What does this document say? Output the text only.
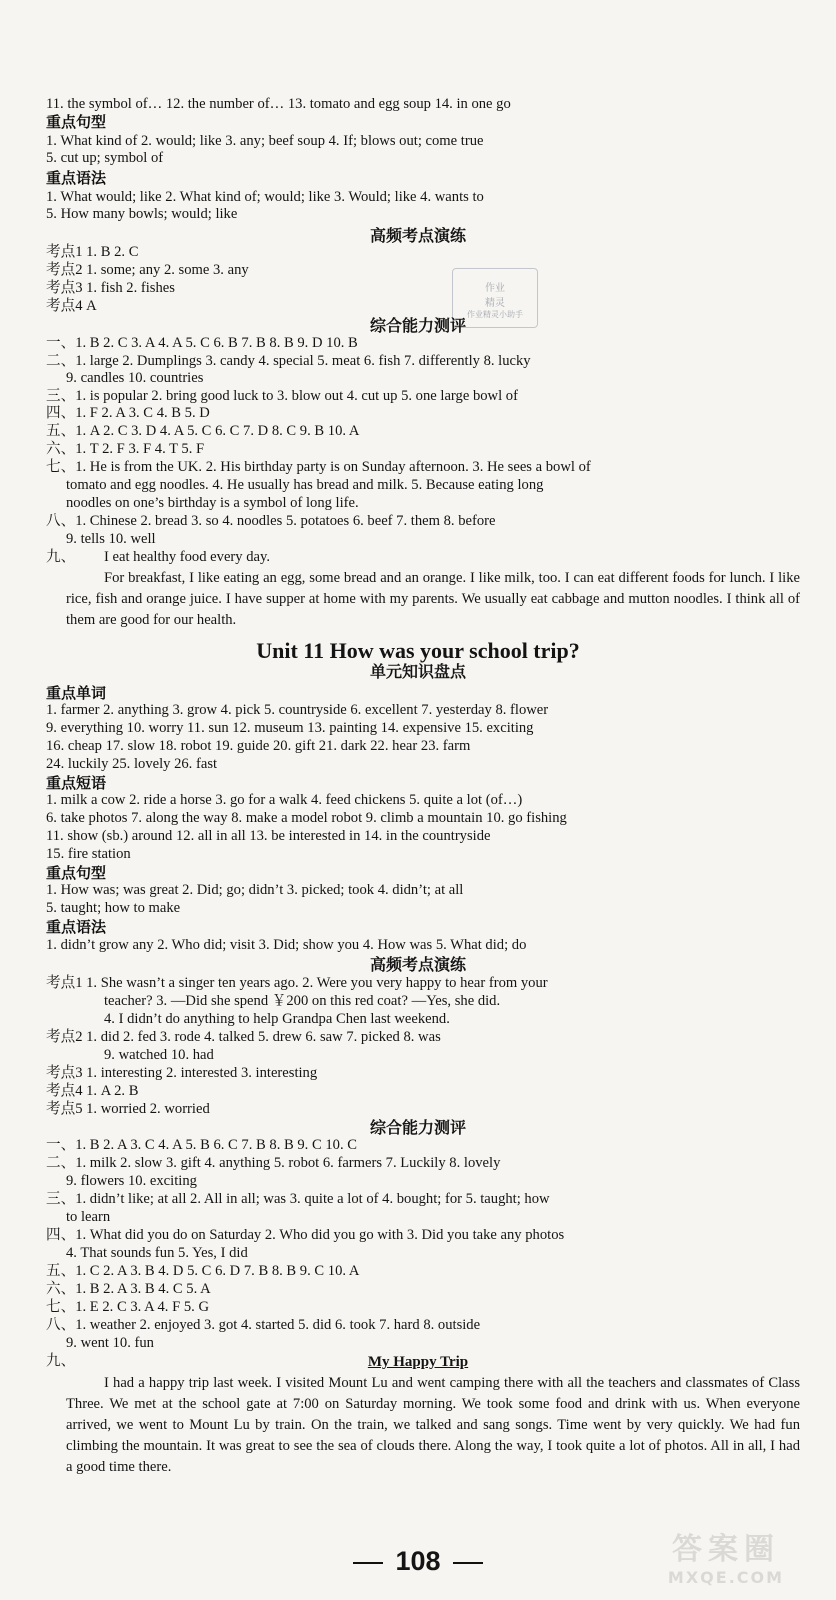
11. the symbol of… 12. the number of… 13. tomato and egg soup 14. in one go
重点句型
1. What kind of 2. would; like 3. any; beef soup 4. If; blows out; come true
5. cut up; symbol of
重点语法
1. What would; like 2. What kind of; would; like 3. Would; like 4. wants to
5. How many bowls; would; like
高频考点演练
考点1 1. B 2. C
考点2 1. some; any 2. some 3. any
考点3 1. fish 2. fishes
考点4 A
作业
精灵
作业精灵小助手
综合能力测评
一、1. B 2. C 3. A 4. A 5. C 6. B 7. B 8. B 9. D 10. B
二、1. large 2. Dumplings 3. candy 4. special 5. meat 6. fish 7. differently 8. lucky
9. candles 10. countries
三、1. is popular 2. bring good luck to 3. blow out 4. cut up 5. one large bowl of
四、1. F 2. A 3. C 4. B 5. D
五、1. A 2. C 3. D 4. A 5. C 6. C 7. D 8. C 9. B 10. A
六、1. T 2. F 3. F 4. T 5. F
七、1. He is from the UK. 2. His birthday party is on Sunday afternoon. 3. He sees a bowl of
tomato and egg noodles. 4. He usually has bread and milk. 5. Because eating long
noodles on one’s birthday is a symbol of long life.
八、1. Chinese 2. bread 3. so 4. noodles 5. potatoes 6. beef 7. them 8. before
9. tells 10. well
九、	I eat healthy food every day.
For breakfast, I like eating an egg, some bread and an orange. I like milk, too. I can eat different foods for lunch. I like rice, fish and orange juice. I have supper at home with my parents. We usually eat cabbage and mutton noodles. I think all of them are good for our health.
Unit 11 How was your school trip?
单元知识盘点
重点单词
1. farmer 2. anything 3. grow 4. pick 5. countryside 6. excellent 7. yesterday 8. flower
9. everything 10. worry 11. sun 12. museum 13. painting 14. expensive 15. exciting
16. cheap 17. slow 18. robot 19. guide 20. gift 21. dark 22. hear 23. farm
24. luckily 25. lovely 26. fast
重点短语
1. milk a cow 2. ride a horse 3. go for a walk 4. feed chickens 5. quite a lot (of…)
6. take photos 7. along the way 8. make a model robot 9. climb a mountain 10. go fishing
11. show (sb.) around 12. all in all 13. be interested in 14. in the countryside
15. fire station
重点句型
1. How was; was great 2. Did; go; didn’t 3. picked; took 4. didn’t; at all
5. taught; how to make
重点语法
1. didn’t grow any 2. Who did; visit 3. Did; show you 4. How was 5. What did; do
高频考点演练
考点1 1. She wasn’t a singer ten years ago. 2. Were you very happy to hear from your
teacher? 3. —Did she spend ￥200 on this red coat? —Yes, she did.
4. I didn’t do anything to help Grandpa Chen last weekend.
考点2 1. did 2. fed 3. rode 4. talked 5. drew 6. saw 7. picked 8. was
9. watched 10. had
考点3 1. interesting 2. interested 3. interesting
考点4 1. A 2. B
考点5 1. worried 2. worried
综合能力测评
一、1. B 2. A 3. C 4. A 5. B 6. C 7. B 8. B 9. C 10. C
二、1. milk 2. slow 3. gift 4. anything 5. robot 6. farmers 7. Luckily 8. lovely
9. flowers 10. exciting
三、1. didn’t like; at all 2. All in all; was 3. quite a lot of 4. bought; for 5. taught; how
to learn
四、1. What did you do on Saturday 2. Who did you go with 3. Did you take any photos
4. That sounds fun 5. Yes, I did
五、1. C 2. A 3. B 4. D 5. C 6. D 7. B 8. B 9. C 10. A
六、1. B 2. A 3. B 4. C 5. A
七、1. E 2. C 3. A 4. F 5. G
八、1. weather 2. enjoyed 3. got 4. started 5. did 6. took 7. hard 8. outside
9. went 10. fun
九、	My Happy Trip
I had a happy trip last week. I visited Mount Lu and went camping there with all the teachers and classmates of Class Three. We met at the school gate at 7:00 on Saturday morning. We took some food and drink with us. When everyone arrived, we went to Mount Lu by train. On the train, we talked and sang songs. Time went by very quickly. We had fun climbing the mountain. It was great to see the sea of clouds there. Along the way, I took quite a lot of photos. All in all, I had a good time there.
108	答案圈
MXQE.COM
